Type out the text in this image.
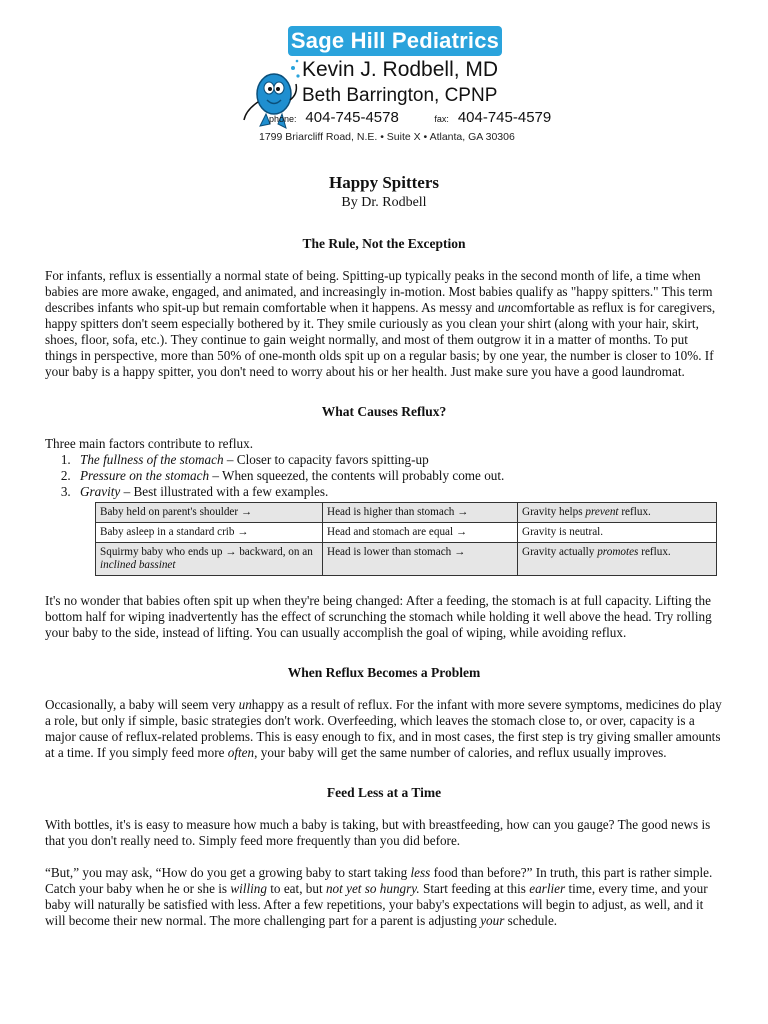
Sage Hill Pediatrics
Kevin J. Rodbell, MD
Beth Barrington, CPNP
phone: 404-745-4578	fax: 404-745-4579
1799 Briarcliff Road, N.E. • Suite X • Atlanta, GA 30306
Happy Spitters
By Dr. Rodbell
The Rule, Not the Exception

For infants, reflux is essentially a normal state of being. Spitting-up typically peaks in the second month of life, a time when babies are more awake, engaged, and animated, and increasingly in-motion. Most babies qualify as "happy spitters." This term describes infants who spit-up but remain comfortable when it happens. As messy and uncomfortable as reflux is for caregivers, happy spitters don't seem especially bothered by it. They smile curiously as you clean your shirt (along with your hair, skirt, shoes, floor, sofa, etc.). They continue to gain weight normally, and most of them outgrow it in a matter of months. To put things in perspective, more than 50% of one-month olds spit up on a regular basis; by one year, the number is closer to 10%. If your baby is a happy spitter, you don't need to worry about his or her health. Just make sure you have a good laundromat.

What Causes Reflux?
Three main factors contribute to reflux.
1. The fullness of the stomach – Closer to capacity favors spitting-up
2. Pressure on the stomach – When squeezed, the contents will probably come out.
3. Gravity – Best illustrated with a few examples.
Baby held on parent's shoulder →	Head is higher than stomach →	Gravity helps prevent reflux.
Baby asleep in a standard crib →	Head and stomach are equal →	Gravity is neutral.
Squirmy baby who ends up → backward, on an inclined bassinet	Head is lower than stomach →	Gravity actually promotes reflux.

It's no wonder that babies often spit up when they're being changed: After a feeding, the stomach is at full capacity. Lifting the bottom half for wiping inadvertently has the effect of scrunching the stomach while holding it well above the head. Try rolling your baby to the side, instead of lifting. You can usually accomplish the goal of wiping, while avoiding reflux.

When Reflux Becomes a Problem

Occasionally, a baby will seem very unhappy as a result of reflux. For the infant with more severe symptoms, medicines do play a role, but only if simple, basic strategies don't work. Overfeeding, which leaves the stomach close to, or over, capacity is a major cause of reflux-related problems. This is easy enough to fix, and in most cases, the first step is try giving smaller amounts at a time. If you simply feed more often, your baby will get the same number of calories, and reflux usually improves.

Feed Less at a Time

With bottles, it's is easy to measure how much a baby is taking, but with breastfeeding, how can you gauge? The good news is that you don't really need to. Simply feed more frequently than you did before.

“But,” you may ask, “How do you get a growing baby to start taking less food than before?” In truth, this part is rather simple. Catch your baby when he or she is willing to eat, but not yet so hungry. Start feeding at this earlier time, every time, and your baby will naturally be satisfied with less. After a few repetitions, your baby's expectations will begin to adjust, as well, and it will become their new normal. The more challenging part for a parent is adjusting your schedule.
